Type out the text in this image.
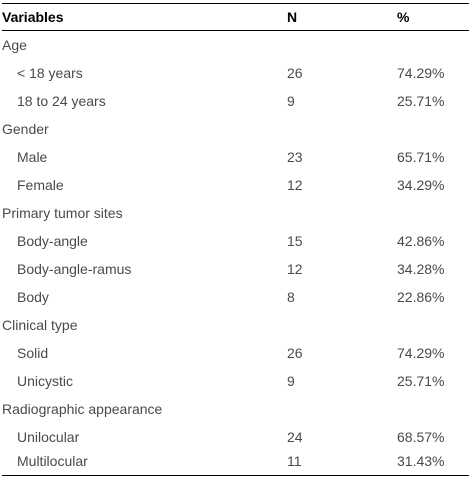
Variables	N	%
Age
< 18 years	26	74.29%
18 to 24 years	9	25.71%
Gender
Male	23	65.71%
Female	12	34.29%
Primary tumor sites
Body-angle	15	42.86%
Body-angle-ramus	12	34.28%
Body	8	22.86%
Clinical type
Solid	26	74.29%
Unicystic	9	25.71%
Radiographic appearance
Unilocular	24	68.57%
Multilocular	11	31.43%
